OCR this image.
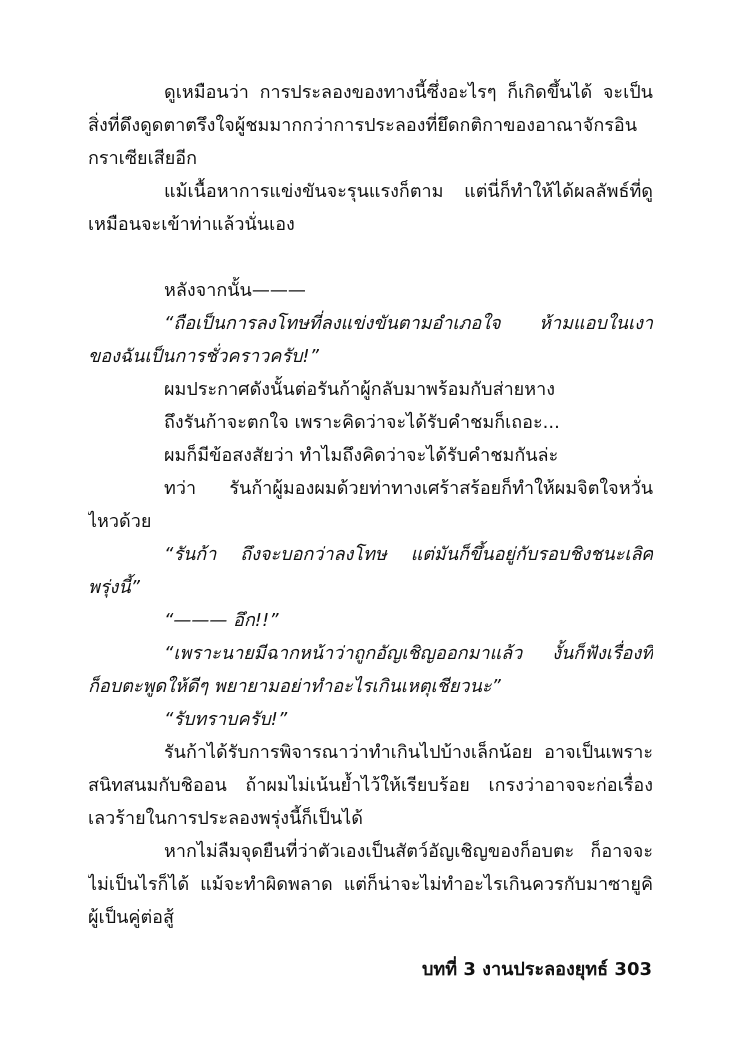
ดูเหมือนว่า การประลองของทางนี้ซึ่งอะไรๆ ก็เกิดขึ้นได้ จะเป็น
สิ่งที่ดึงดูดตาตรึงใจผู้ชมมากกว่าการประลองที่ยึดกติกาของอาณาจักรอิน
กราเซียเสียอีก
แม้เนื้อหาการแข่งขันจะรุนแรงก็ตาม แต่นี่ก็ทำให้ได้ผลลัพธ์ที่ดู
เหมือนจะเข้าท่าแล้วนั่นเอง
หลังจากนั้น———
“ถือเป็นการลงโทษที่ลงแข่งขันตามอำเภอใจ ห้ามแอบในเงา
ของฉันเป็นการชั่วคราวครับ!”
ผมประกาศดังนั้นต่อรันก้าผู้กลับมาพร้อมกับส่ายหาง
ถึงรันก้าจะตกใจ เพราะคิดว่าจะได้รับคำชมก็เถอะ...
ผมก็มีข้อสงสัยว่า ทำไมถึงคิดว่าจะได้รับคำชมกันล่ะ
ทว่า รันก้าผู้มองผมด้วยท่าทางเศร้าสร้อยก็ทำให้ผมจิตใจหวั่น
ไหวด้วย
“รันก้า ถึงจะบอกว่าลงโทษ แต่มันก็ขึ้นอยู่กับรอบชิงชนะเลิศ
พรุ่งนี้”
“——— อึก!!”
“เพราะนายมีฉากหน้าว่าถูกอัญเชิญออกมาแล้ว งั้นก็ฟังเรื่องที่
ก็อบตะพูดให้ดีๆ พยายามอย่าทำอะไรเกินเหตุเชียวนะ”
“รับทราบครับ!”
รันก้าได้รับการพิจารณาว่าทำเกินไปบ้างเล็กน้อย อาจเป็นเพราะ
สนิทสนมกับชิออน ถ้าผมไม่เน้นย้ำไว้ให้เรียบร้อย เกรงว่าอาจจะก่อเรื่อง
เลวร้ายในการประลองพรุ่งนี้ก็เป็นได้
หากไม่ลืมจุดยืนที่ว่าตัวเองเป็นสัตว์อัญเชิญของก็อบตะ ก็อาจจะ
ไม่เป็นไรก็ได้ แม้จะทำผิดพลาด แต่ก็น่าจะไม่ทำอะไรเกินควรกับมาซายูคิ
ผู้เป็นคู่ต่อสู้
บทที่ 3 งานประลองยุทธ์ 303
